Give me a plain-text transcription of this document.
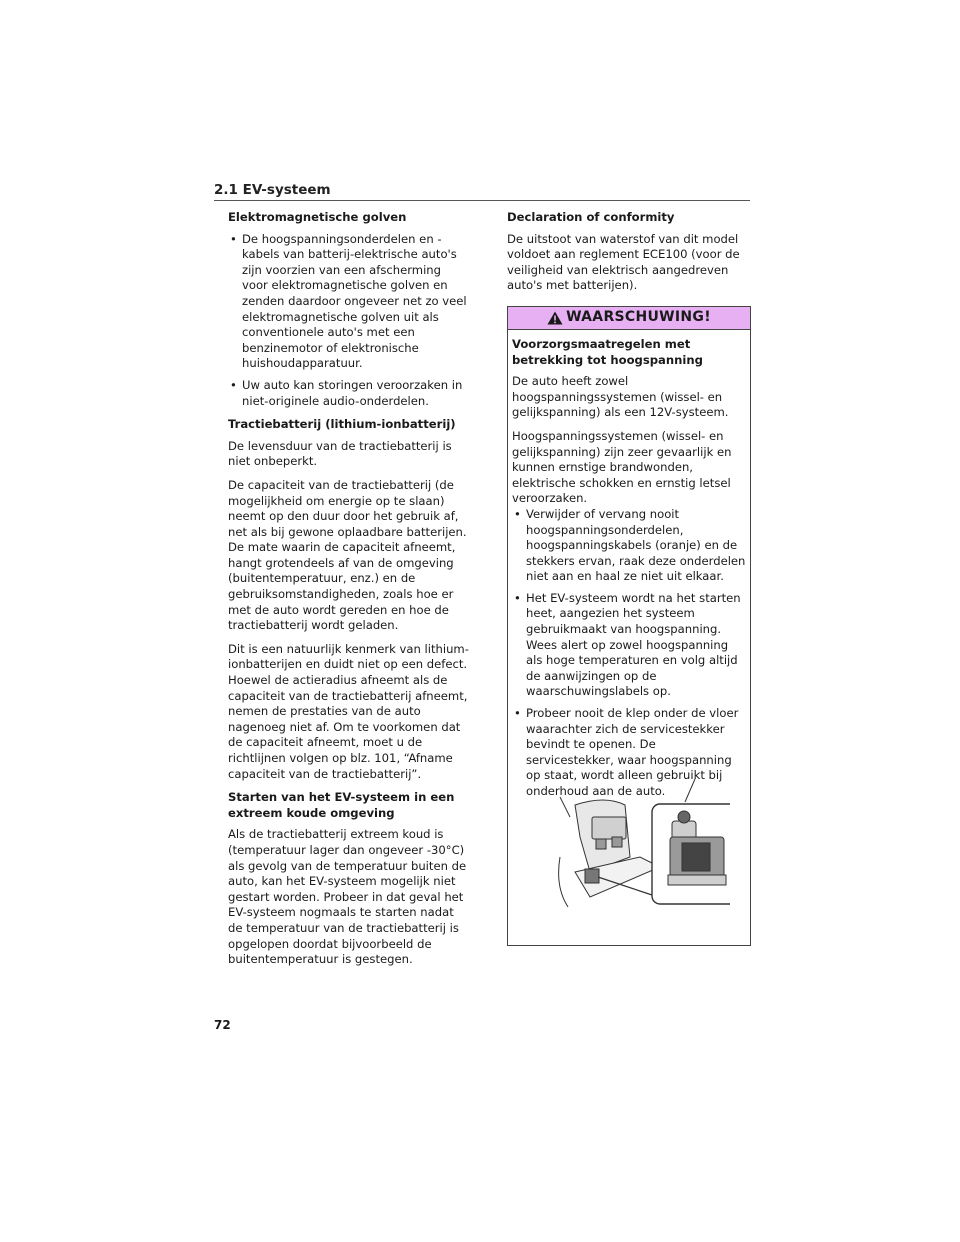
2.1 EV-systeem
Elektromagnetische golven
• De hoogspanningsonderdelen en -kabels van batterij-elektrische auto's zijn voorzien van een afscherming voor elektromagnetische golven en zenden daardoor ongeveer net zo veel elektromagnetische golven uit als conventionele auto's met een benzinemotor of elektronische huishoudapparatuur.
• Uw auto kan storingen veroorzaken in niet-originele audio-onderdelen.
Tractiebatterij (lithium-ionbatterij)

De levensduur van de tractiebatterij is niet onbeperkt.

De capaciteit van de tractiebatterij (de mogelijkheid om energie op te slaan) neemt op den duur door het gebruik af, net als bij gewone oplaadbare batterijen. De mate waarin de capaciteit afneemt, hangt grotendeels af van de omgeving (buitentemperatuur, enz.) en de gebruiksomstandigheden, zoals hoe er met de auto wordt gereden en hoe de tractiebatterij wordt geladen.

Dit is een natuurlijk kenmerk van lithium-ionbatterijen en duidt niet op een defect. Hoewel de actieradius afneemt als de capaciteit van de tractiebatterij afneemt, nemen de prestaties van de auto nagenoeg niet af. Om te voorkomen dat de capaciteit afneemt, moet u de richtlijnen volgen op blz. 101, “Afname capaciteit van de tractiebatterij”.

Starten van het EV-systeem in een extreem koude omgeving

Als de tractiebatterij extreem koud is (temperatuur lager dan ongeveer -30°C) als gevolg van de temperatuur buiten de auto, kan het EV-systeem mogelijk niet gestart worden. Probeer in dat geval het EV-systeem nogmaals te starten nadat de temperatuur van de tractiebatterij is opgelopen doordat bijvoorbeeld de buitentemperatuur is gestegen.

Declaration of conformity

De uitstoot van waterstof van dit model voldoet aan reglement ECE100 (voor de veiligheid van elektrisch aangedreven auto's met batterijen).

WAARSCHUWING!
Voorzorgsmaatregelen met betrekking tot hoogspanning

De auto heeft zowel hoogspanningssystemen (wissel- en gelijkspanning) als een 12V-systeem.

Hoogspanningssystemen (wissel- en gelijkspanning) zijn zeer gevaarlijk en kunnen ernstige brandwonden, elektrische schokken en ernstig letsel veroorzaken.

• Verwijder of vervang nooit hoogspanningsonderdelen, hoogspanningskabels (oranje) en de stekkers ervan, raak deze onderdelen niet aan en haal ze niet uit elkaar.
• Het EV-systeem wordt na het starten heet, aangezien het systeem gebruikmaakt van hoogspanning. Wees alert op zowel hoogspanning als hoge temperaturen en volg altijd de aanwijzingen op de waarschuwingslabels op.
• Probeer nooit de klep onder de vloer waarachter zich de servicestekker bevindt te openen. De servicestekker, waar hoogspanning op staat, wordt alleen gebruikt bij onderhoud aan de auto.
72
